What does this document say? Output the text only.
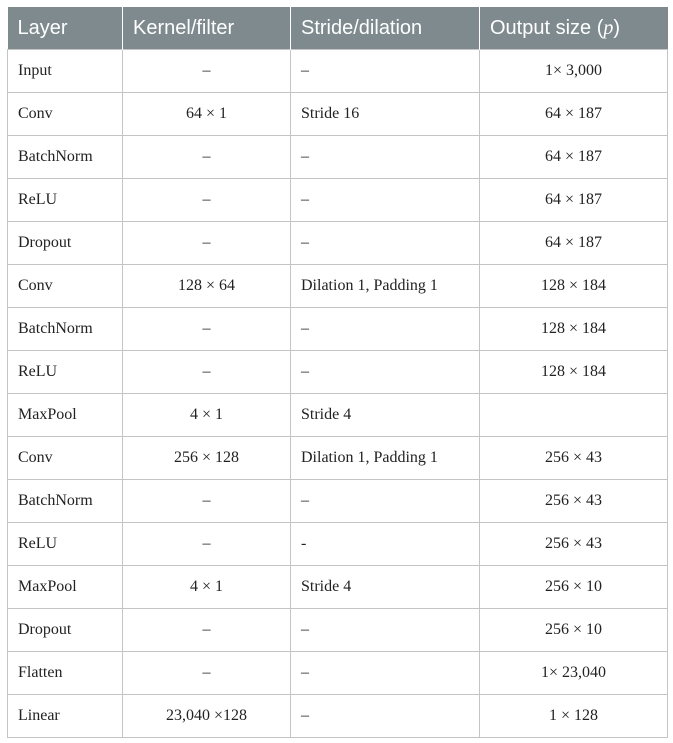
Layer	Kernel/filter	Stride/dilation	Output size (p)
Input	–	–	1× 3,000
Conv	64 × 1	Stride 16	64 × 187
BatchNorm	–	–	64 × 187
ReLU	–	–	64 × 187
Dropout	–	–	64 × 187
Conv	128 × 64	Dilation 1, Padding 1	128 × 184
BatchNorm	–	–	128 × 184
ReLU	–	–	128 × 184
MaxPool	4 × 1	Stride 4	
Conv	256 × 128	Dilation 1, Padding 1	256 × 43
BatchNorm	–	–	256 × 43
ReLU	–	-	256 × 43
MaxPool	4 × 1	Stride 4	256 × 10
Dropout	–	–	256 × 10
Flatten	–	–	1× 23,040
Linear	23,040 ×128	–	1 × 128
